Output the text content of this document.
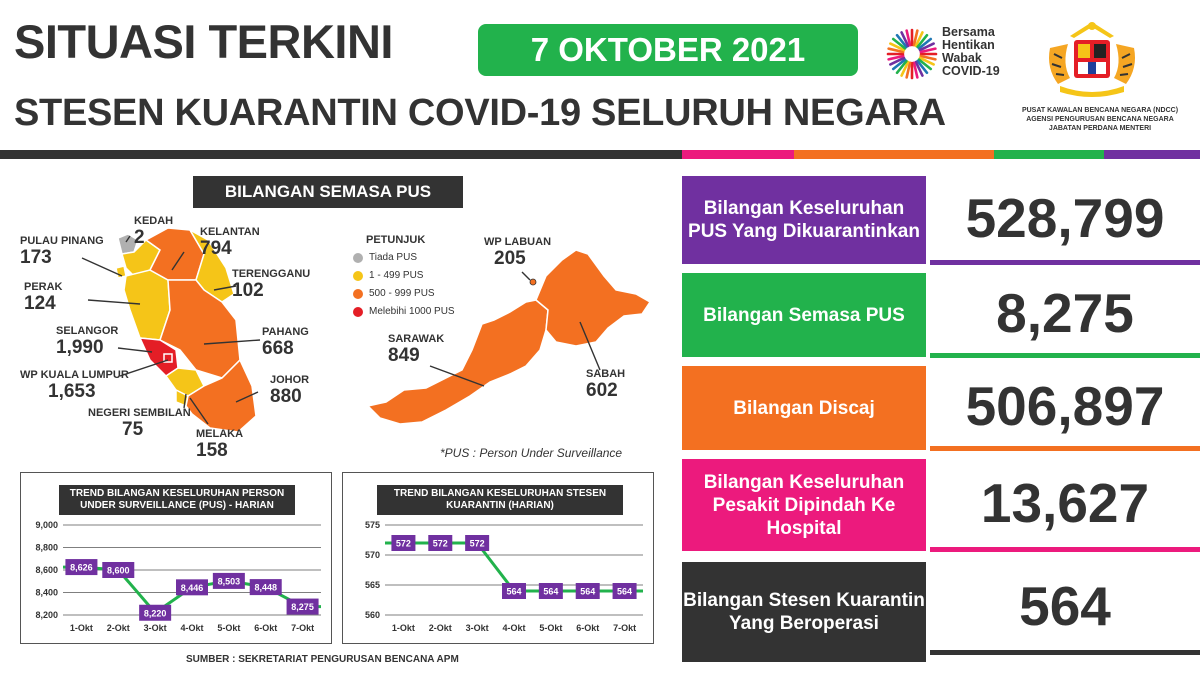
SITUASI TERKINI	7 OKTOBER 2021
STESEN KUARANTIN COVID-19 SELURUH NEGARA
Bersama
Hentikan
Wabak
COVID-19
PUSAT KAWALAN BENCANA NEGARA (NDCC)
AGENSI PENGURUSAN BENCANA NEGARA
JABATAN PERDANA MENTERI
BILANGAN SEMASA PUS
KEDAH
2
PULAU PINANG
173
KELANTAN
794
PERAK
124
TERENGGANU
102
SELANGOR
1,990
PAHANG
668
WP KUALA LUMPUR
1,653
JOHOR
880
NEGERI SEMBILAN
75	MELAKA
158
WP LABUAN
205
SARAWAK
849
SABAH
602
PETUNJUK
Tiada PUS
1 - 499 PUS
500 - 999 PUS
Melebihi 1000 PUS
*PUS : Person Under Surveillance
TREND BILANGAN KESELURUHAN PERSON UNDER SURVEILLANCE (PUS) - HARIAN
9,000
8,800
8,600
8,400
8,200
8,626
1-Okt
8,600
2-Okt
8,220
3-Okt
8,446
4-Okt
8,503
5-Okt
8,448
6-Okt
8,275
7-Okt
TREND BILANGAN KESELURUHAN STESEN KUARANTIN (HARIAN)
575
570
565
560
572
1-Okt
572
2-Okt
572
3-Okt
564
4-Okt
564
5-Okt
564
6-Okt
564
7-Okt
SUMBER : SEKRETARIAT PENGURUSAN BENCANA APM
Bilangan Keseluruhan PUS Yang Dikuarantinkan 528,799
Bilangan Semasa PUS	8,275
Bilangan Discaj	506,897
Bilangan Keseluruhan Pesakit Dipindah Ke Hospital	13,627
Bilangan Stesen Kuarantin Yang Beroperasi	564
